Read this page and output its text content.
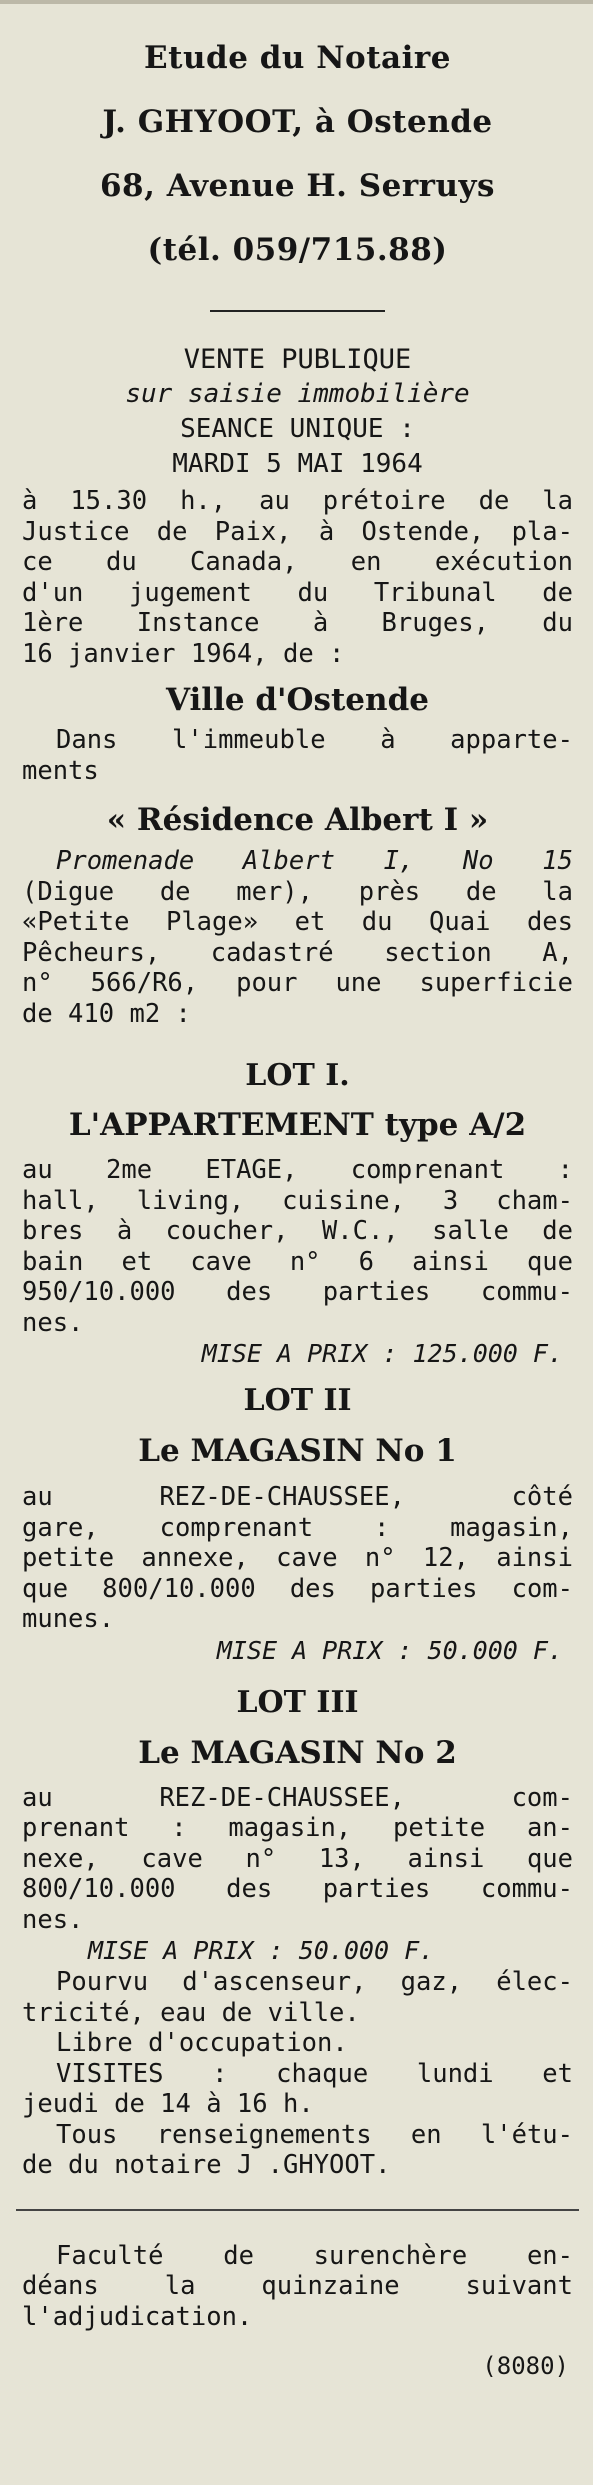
Etude du Notaire
J. GHYOOT, à Ostende
68, Avenue H. Serruys
(tél. 059/715.88)
VENTE PUBLIQUE
sur saisie immobilière
SEANCE UNIQUE :
MARDI 5 MAI 1964
à 15.30 h., au prétoire de la
Justice de Paix, à Ostende, pla-
ce du Canada, en exécution
d'un jugement du Tribunal de
1ère Instance à Bruges, du
16 janvier 1964, de :
Ville d'Ostende
Dans l'immeuble à apparte-
ments
« Résidence Albert I »
Promenade Albert I, No 15
(Digue de mer), près de la
«Petite Plage» et du Quai des
Pêcheurs, cadastré section A,
n° 566/R6, pour une superficie
de 410 m2 :
LOT I.
L'APPARTEMENT type A/2
au 2me ETAGE, comprenant :
hall, living, cuisine, 3 cham-
bres à coucher, W.C., salle de
bain et cave n° 6 ainsi que
950/10.000 des parties commu-
nes.
MISE A PRIX : 125.000 F.
LOT II
Le MAGASIN No 1
au REZ-DE-CHAUSSEE, côté
gare, comprenant : magasin,
petite annexe, cave n° 12, ainsi
que 800/10.000 des parties com-
munes.
MISE A PRIX : 50.000 F.
LOT III
Le MAGASIN No 2
au REZ-DE-CHAUSSEE, com-
prenant : magasin, petite an-
nexe, cave n° 13, ainsi que
800/10.000 des parties commu-
nes.
MISE A PRIX : 50.000 F.
Pourvu d'ascenseur, gaz, élec-
tricité, eau de ville.
Libre d'occupation.
VISITES : chaque lundi et
jeudi de 14 à 16 h.
Tous renseignements en l'étu-
de du notaire J .GHYOOT.
Faculté de surenchère en-
déans la quinzaine suivant
l'adjudication.
(8080)
